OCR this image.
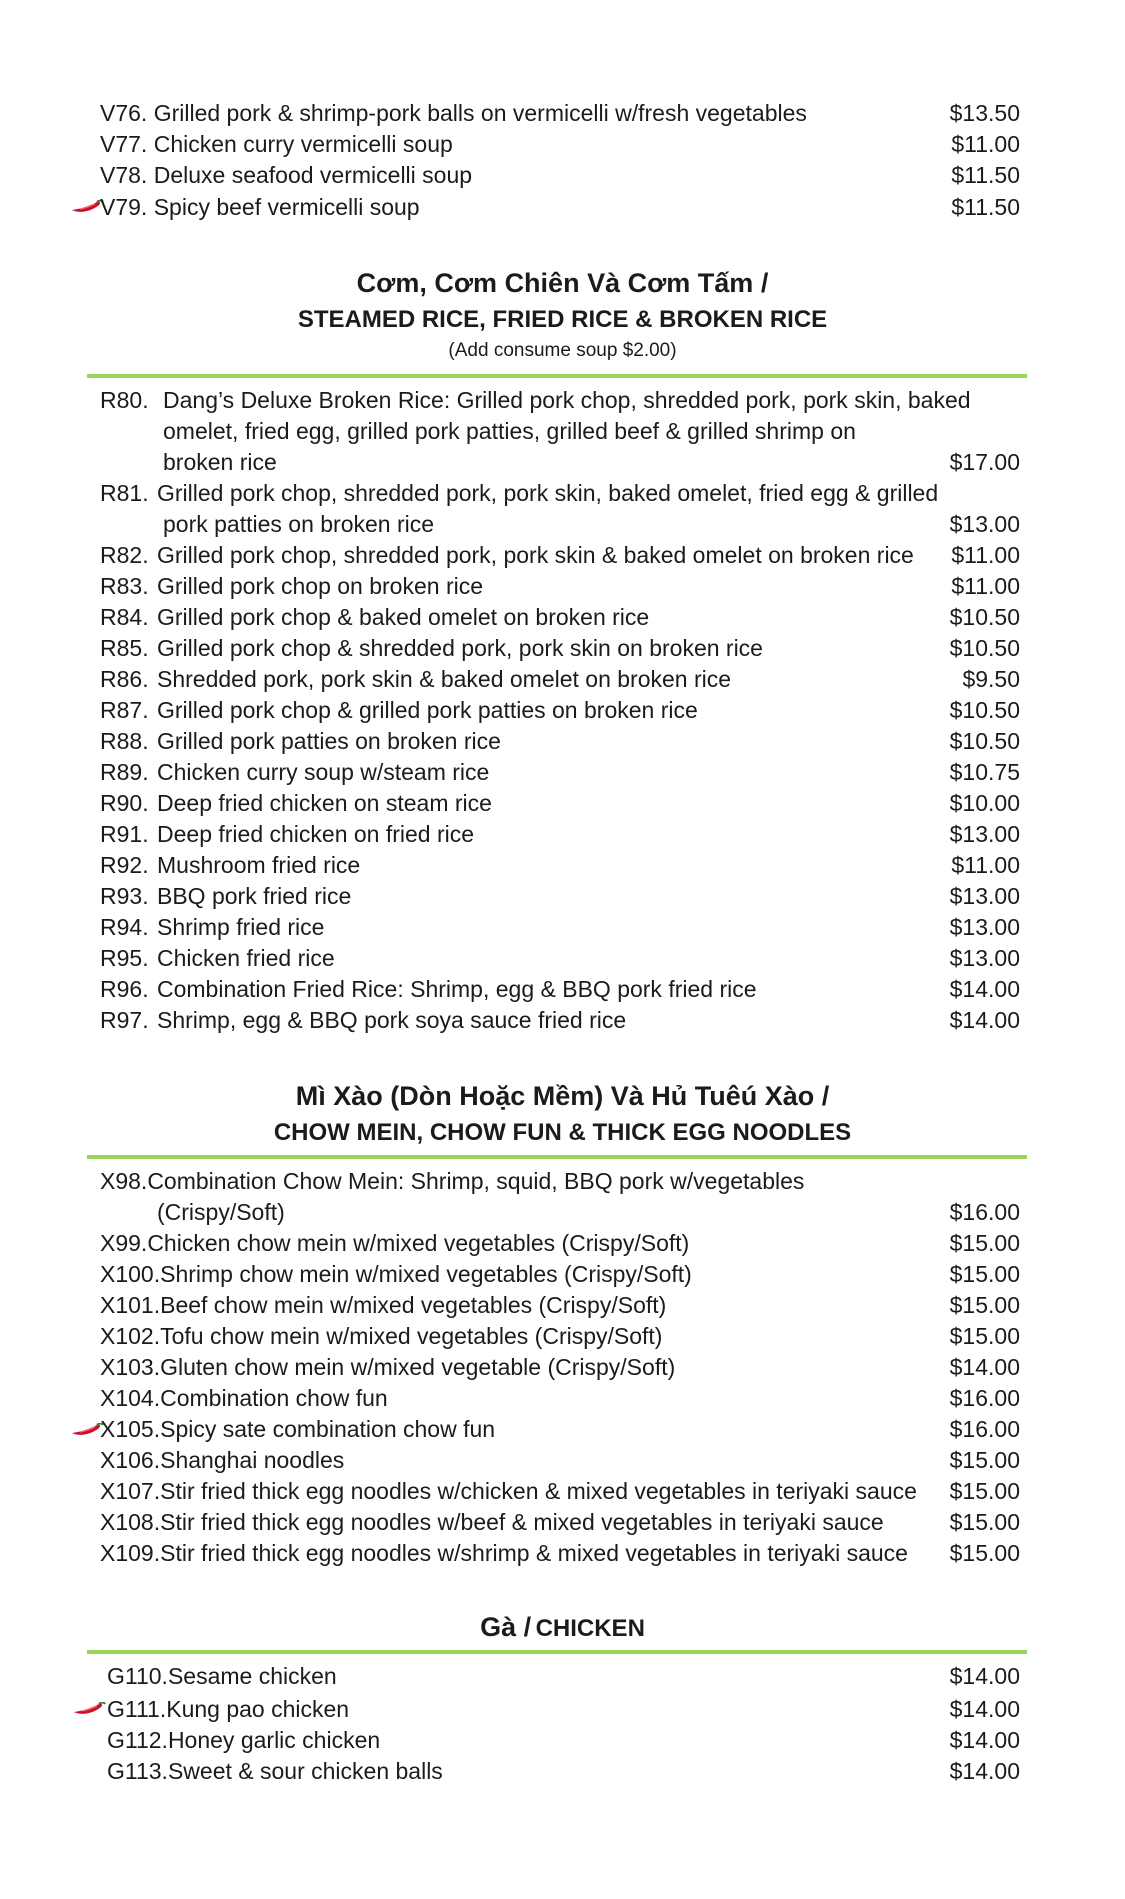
V76. Grilled pork & shrimp-pork balls on vermicelli w/fresh vegetables	$13.50
V77. Chicken curry vermicelli soup	$11.00
V78. Deluxe seafood vermicelli soup	$11.50
V79. Spicy beef vermicelli soup	$11.50
Cơm, Cơm Chiên Và Cơm Tấm /
STEAMED RICE, FRIED RICE & BROKEN RICE
(Add consume soup $2.00)
R80. Dang’s Deluxe Broken Rice: Grilled pork chop, shredded pork, pork skin, baked
omelet, fried egg, grilled pork patties, grilled beef & grilled shrimp on
broken rice	$17.00
R81. Grilled pork chop, shredded pork, pork skin, baked omelet, fried egg & grilled
pork patties on broken rice	$13.00
R82. Grilled pork chop, shredded pork, pork skin & baked omelet on broken rice $11.00
R83. Grilled pork chop on broken rice	$11.00
R84. Grilled pork chop & baked omelet on broken rice	$10.50
R85. Grilled pork chop & shredded pork, pork skin on broken rice	$10.50
R86. Shredded pork, pork skin & baked omelet on broken rice	$9.50
R87. Grilled pork chop & grilled pork patties on broken rice	$10.50
R88. Grilled pork patties on broken rice	$10.50
R89. Chicken curry soup w/steam rice	$10.75
R90. Deep fried chicken on steam rice	$10.00
R91. Deep fried chicken on fried rice	$13.00
R92. Mushroom fried rice	$11.00
R93. BBQ pork fried rice	$13.00
R94. Shrimp fried rice	$13.00
R95. Chicken fried rice	$13.00
R96. Combination Fried Rice: Shrimp, egg & BBQ pork fried rice	$14.00
R97. Shrimp, egg & BBQ pork soya sauce fried rice	$14.00
Mì Xào (Dòn Hoặc Mềm) Và Hủ Tuêú Xào /
CHOW MEIN, CHOW FUN & THICK EGG NOODLES
X98.Combination Chow Mein: Shrimp, squid, BBQ pork w/vegetables
(Crispy/Soft)	$16.00
X99.Chicken chow mein w/mixed vegetables (Crispy/Soft)	$15.00
X100.Shrimp chow mein w/mixed vegetables (Crispy/Soft)	$15.00
X101.Beef chow mein w/mixed vegetables (Crispy/Soft)	$15.00
X102.Tofu chow mein w/mixed vegetables (Crispy/Soft)	$15.00
X103.Gluten chow mein w/mixed vegetable (Crispy/Soft)	$14.00
X104.Combination chow fun	$16.00
X105.Spicy sate combination chow fun	$16.00
X106.Shanghai noodles	$15.00
X107.Stir fried thick egg noodles w/chicken & mixed vegetables in teriyaki sauce $15.00
X108.Stir fried thick egg noodles w/beef & mixed vegetables in teriyaki sauce	$15.00
X109.Stir fried thick egg noodles w/shrimp & mixed vegetables in teriyaki sauce $15.00
Gà / CHICKEN
G110.Sesame chicken	$14.00
G111.Kung pao chicken	$14.00
G112.Honey garlic chicken	$14.00
G113.Sweet & sour chicken balls	$14.00
